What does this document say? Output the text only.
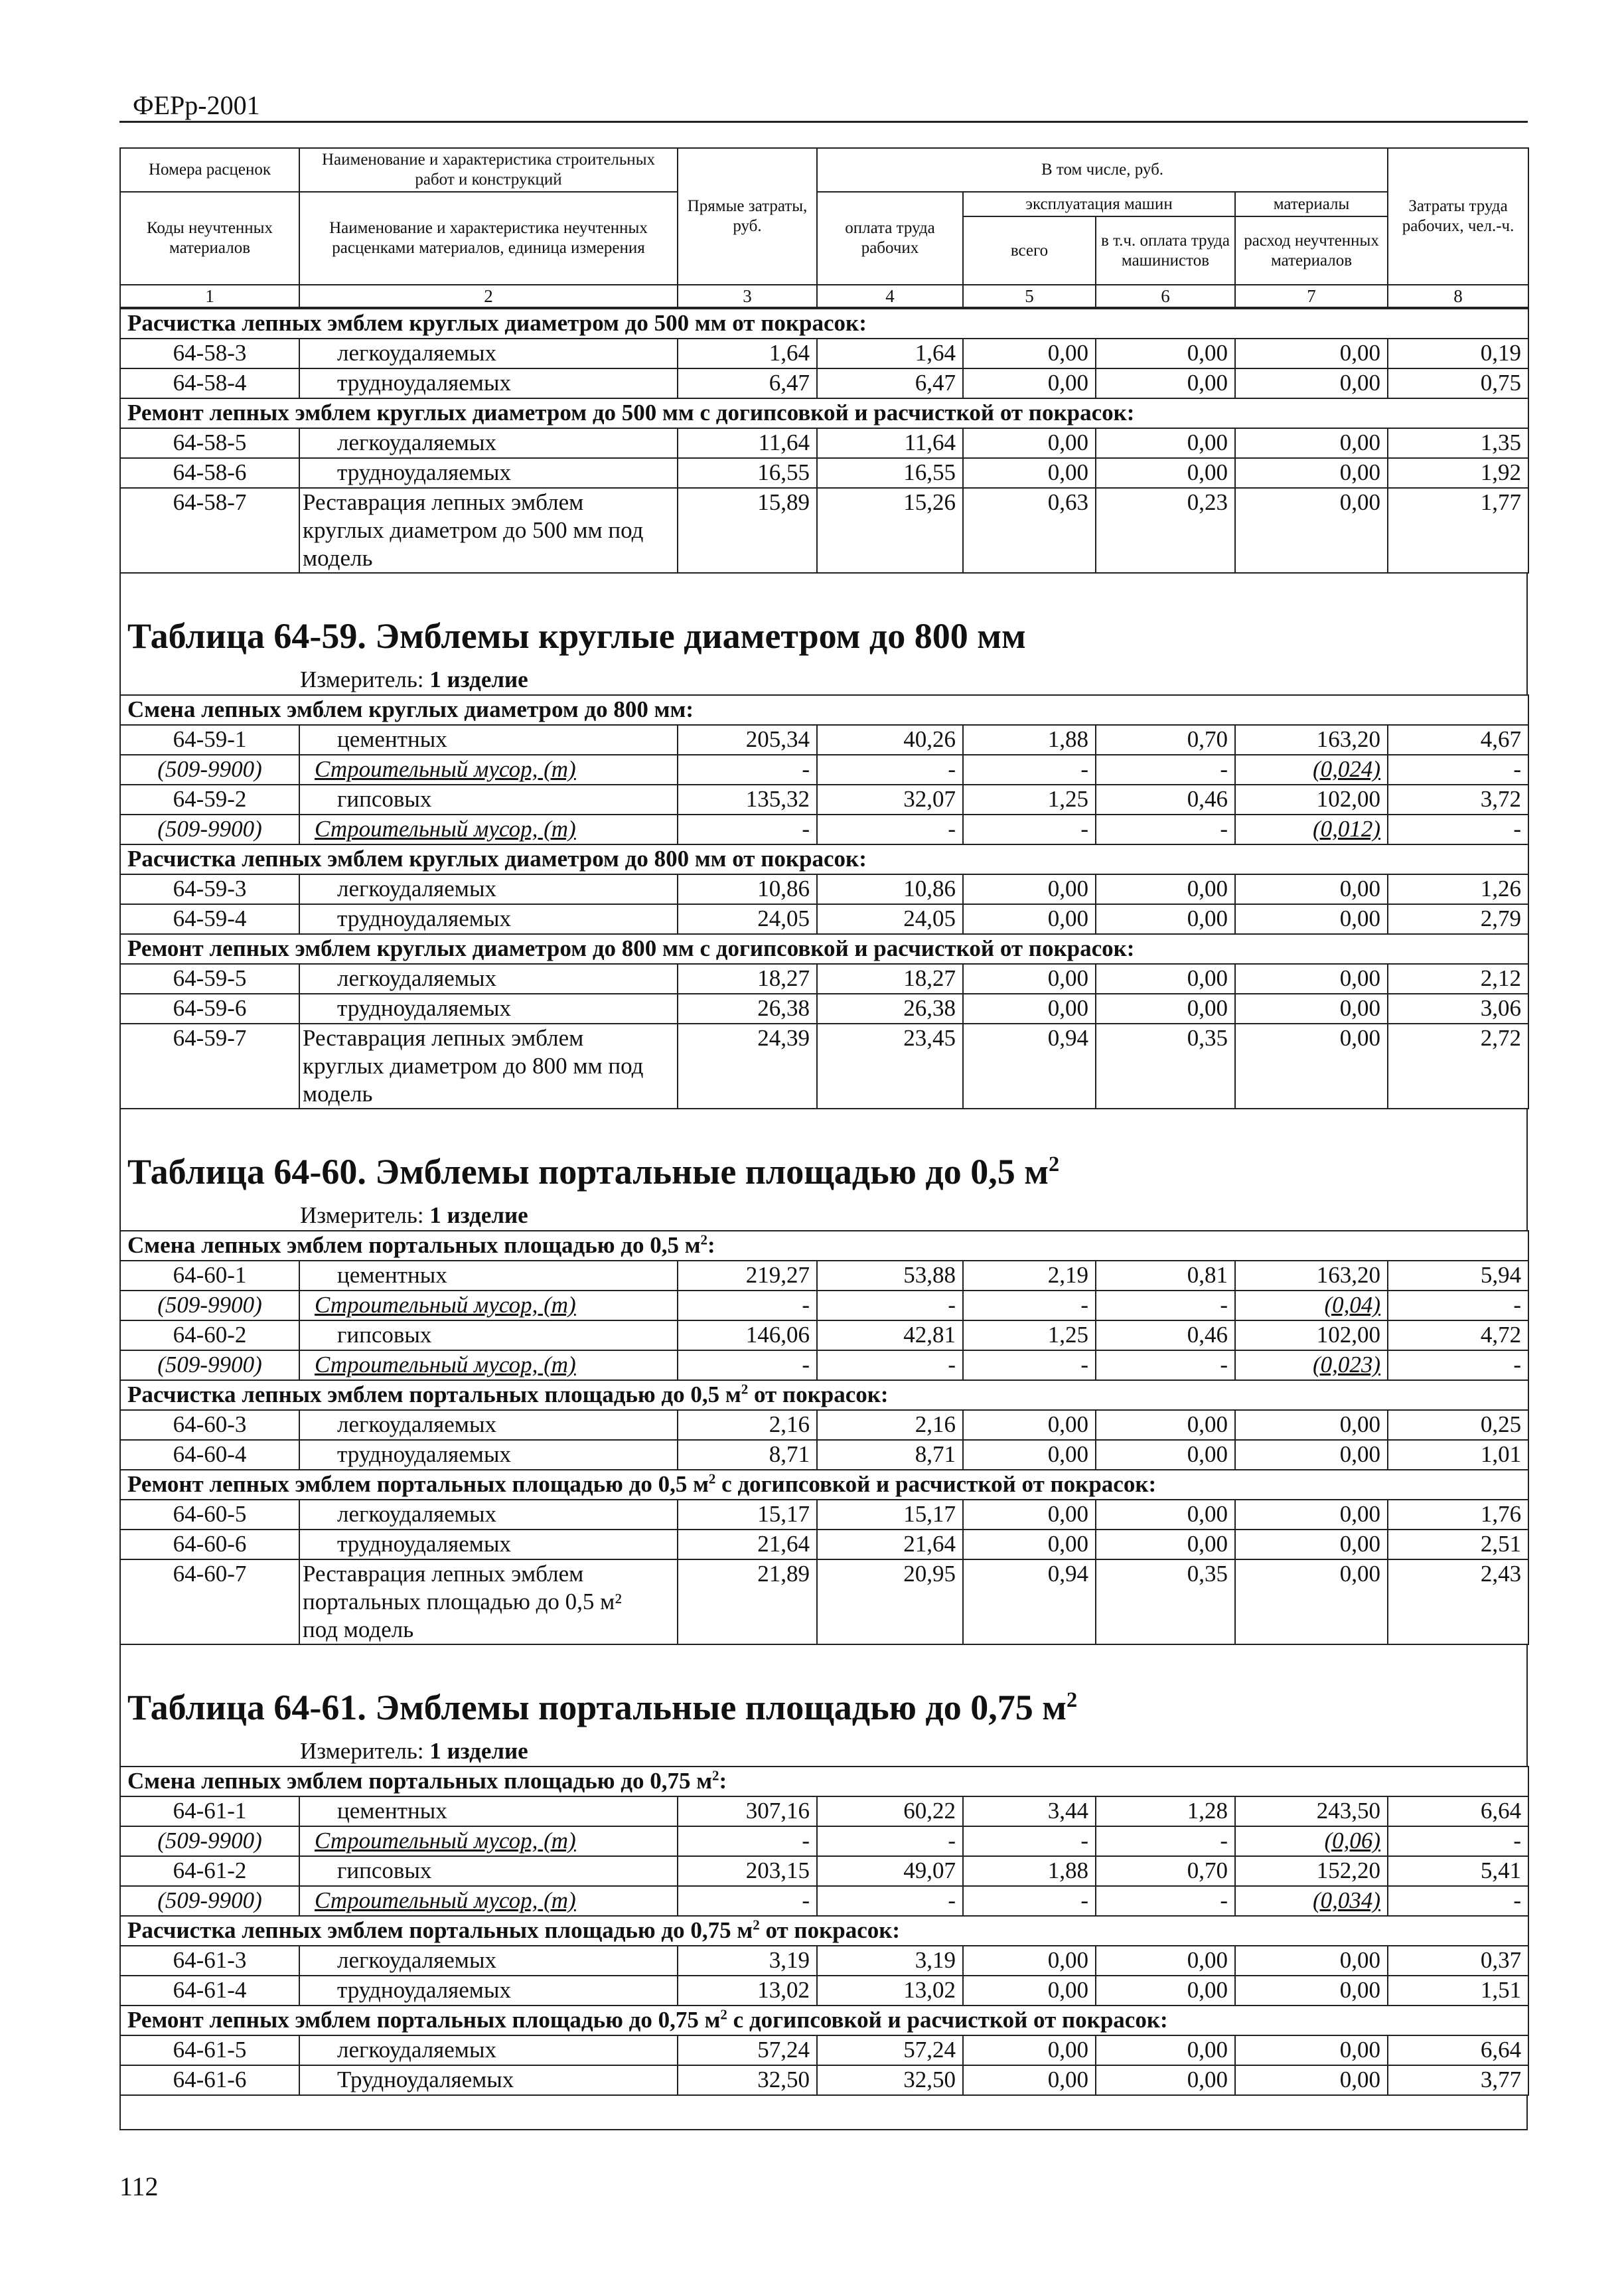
ФЕРр-2001
Номера расценок	Наименование и характеристика строительных работ и конструкций	Прямые затраты, руб.	В том числе, руб.				Затраты труда рабочих, чел.-ч.
Коды неучтенных материалов	Наименование и характеристика неучтенных расценками материалов, единица измерения		оплата труда рабочих	эксплуатация машин		материалы	
				всего	в т.ч. оплата труда машинистов	расход неучтенных материалов	
1	2	3	4	5	6	7	8
Расчистка лепных эмблем круглых диаметром до 500 мм от покрасок:							
64-58-3	легкоудаляемых	1,64	1,64	0,00	0,00	0,00	0,19
64-58-4	трудноудаляемых	6,47	6,47	0,00	0,00	0,00	0,75
Ремонт лепных эмблем круглых диаметром до 500 мм с догипсовкой и расчисткой от покрасок:							
64-58-5	легкоудаляемых	11,64	11,64	0,00	0,00	0,00	1,35
64-58-6	трудноудаляемых	16,55	16,55	0,00	0,00	0,00	1,92
64-58-7	Реставрация лепных эмблем
круглых диаметром до 500 мм под
модель	15,89	15,26	0,63	0,23	0,00	1,77
Таблица 64-59. Эмблемы круглые диаметром до 800 мм
Измеритель: 1 изделие
Смена лепных эмблем круглых диаметром до 800 мм:							
64-59-1	цементных	205,34	40,26	1,88	0,70	163,20	4,67
(509-9900)	Строительный мусор, (т)	-	-	-	-	(0,024)	-
64-59-2	гипсовых	135,32	32,07	1,25	0,46	102,00	3,72
(509-9900)	Строительный мусор, (т)	-	-	-	-	(0,012)	-
Расчистка лепных эмблем круглых диаметром до 800 мм от покрасок:							
64-59-3	легкоудаляемых	10,86	10,86	0,00	0,00	0,00	1,26
64-59-4	трудноудаляемых	24,05	24,05	0,00	0,00	0,00	2,79
Ремонт лепных эмблем круглых диаметром до 800 мм с догипсовкой и расчисткой от покрасок:							
64-59-5	легкоудаляемых	18,27	18,27	0,00	0,00	0,00	2,12
64-59-6	трудноудаляемых	26,38	26,38	0,00	0,00	0,00	3,06
64-59-7	Реставрация лепных эмблем
круглых диаметром до 800 мм под
модель	24,39	23,45	0,94	0,35	0,00	2,72
Таблица 64-60. Эмблемы портальные площадью до 0,5 $м^2$
Измеритель: 1 изделие
Смена лепных эмблем портальных площадью до 0,5 $м^2$:							
64-60-1	цементных	219,27	53,88	2,19	0,81	163,20	5,94
(509-9900)	Строительный мусор, (т)	-	-	-	-	(0,04)	-
64-60-2	гипсовых	146,06	42,81	1,25	0,46	102,00	4,72
(509-9900)	Строительный мусор, (т)	-	-	-	-	(0,023)	-
Расчистка лепных эмблем портальных площадью до 0,5 $м^2$ от покрасок:							
64-60-3	легкоудаляемых	2,16	2,16	0,00	0,00	0,00	0,25
64-60-4	трудноудаляемых	8,71	8,71	0,00	0,00	0,00	1,01
Ремонт лепных эмблем портальных площадью до 0,5 $м^2$ с догипсовкой и расчисткой от покрасок:							
64-60-5	легкоудаляемых	15,17	15,17	0,00	0,00	0,00	1,76
64-60-6	трудноудаляемых	21,64	21,64	0,00	0,00	0,00	2,51
64-60-7	Реставрация лепных эмблем
портальных площадью до 0,5 м²
под модель	21,89	20,95	0,94	0,35	0,00	2,43
Таблица 64-61. Эмблемы портальные площадью до 0,75 $м^2$
Измеритель: 1 изделие
Смена лепных эмблем портальных площадью до 0,75 $м^2$:							
64-61-1	цементных	307,16	60,22	3,44	1,28	243,50	6,64
(509-9900)	Строительный мусор, (т)	-	-	-	-	(0,06)	-
64-61-2	гипсовых	203,15	49,07	1,88	0,70	152,20	5,41
(509-9900)	Строительный мусор, (т)	-	-	-	-	(0,034)	-
Расчистка лепных эмблем портальных площадью до 0,75 $м^2$ от покрасок:							
64-61-3	легкоудаляемых	3,19	3,19	0,00	0,00	0,00	0,37
64-61-4	трудноудаляемых	13,02	13,02	0,00	0,00	0,00	1,51
Ремонт лепных эмблем портальных площадью до 0,75 $м^2$ с догипсовкой и расчисткой от покрасок:							
64-61-5	легкоудаляемых	57,24	57,24	0,00	0,00	0,00	6,64
64-61-6	Трудноудаляемых	32,50	32,50	0,00	0,00	0,00	3,77
112
